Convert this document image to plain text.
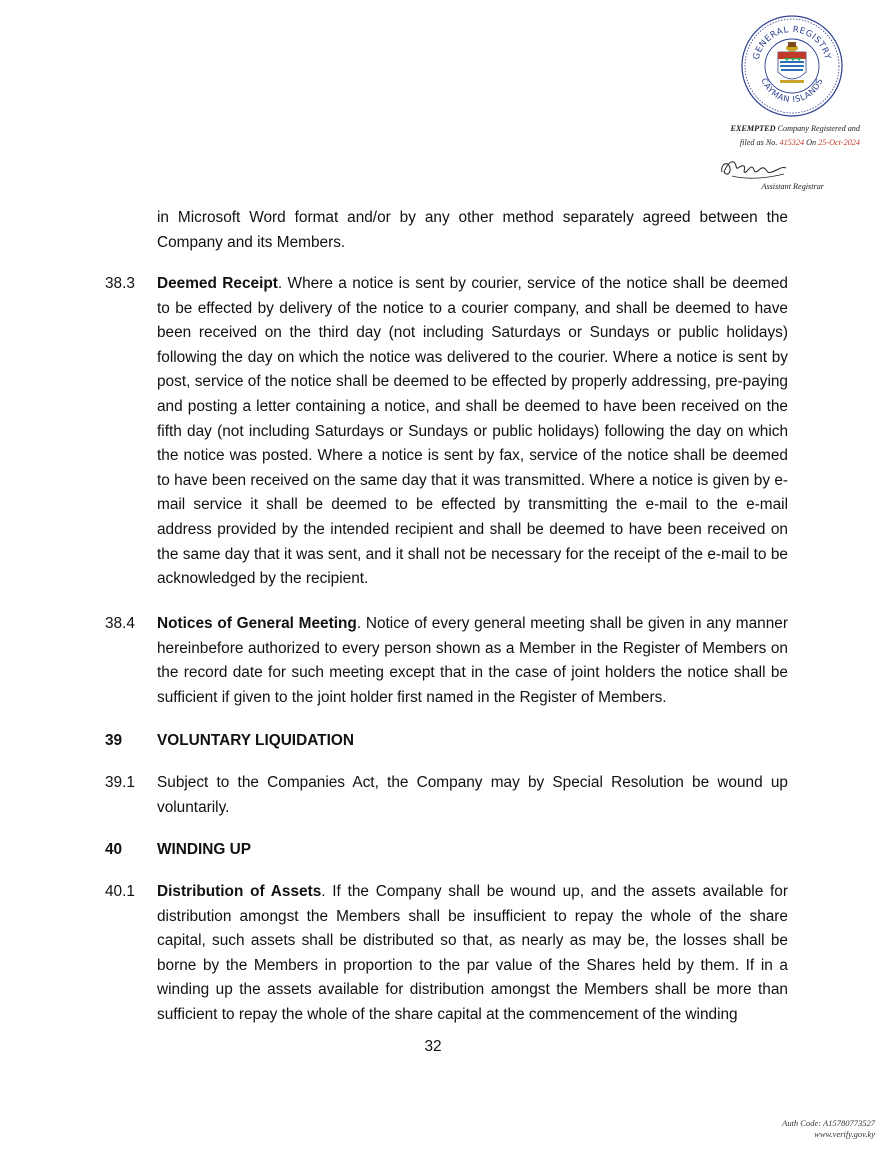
GENERAL REGISTRY
CAYMAN ISLANDS
EXEMPTED Company Registered and
filed as No. 415324 On 25-Oct-2024
Assistant Registrar
in Microsoft Word format and/or by any other method separately agreed between the Company and its Members.
38.3 Deemed Receipt. Where a notice is sent by courier, service of the notice shall be deemed to be effected by delivery of the notice to a courier company, and shall be deemed to have been received on the third day (not including Saturdays or Sundays or public holidays) following the day on which the notice was delivered to the courier. Where a notice is sent by post, service of the notice shall be deemed to be effected by properly addressing, pre-paying and posting a letter containing a notice, and shall be deemed to have been received on the fifth day (not including Saturdays or Sundays or public holidays) following the day on which the notice was posted. Where a notice is sent by fax, service of the notice shall be deemed to have been received on the same day that it was transmitted. Where a notice is given by e-mail service it shall be deemed to be effected by transmitting the e-mail to the e-mail address provided by the intended recipient and shall be deemed to have been received on the same day that it was sent, and it shall not be necessary for the receipt of the e-mail to be acknowledged by the recipient.
38.4 Notices of General Meeting. Notice of every general meeting shall be given in any manner hereinbefore authorized to every person shown as a Member in the Register of Members on the record date for such meeting except that in the case of joint holders the notice shall be sufficient if given to the joint holder first named in the Register of Members.
39 VOLUNTARY LIQUIDATION
39.1 Subject to the Companies Act, the Company may by Special Resolution be wound up voluntarily.
40 WINDING UP
40.1 Distribution of Assets. If the Company shall be wound up, and the assets available for distribution amongst the Members shall be insufficient to repay the whole of the share capital, such assets shall be distributed so that, as nearly as may be, the losses shall be borne by the Members in proportion to the par value of the Shares held by them. If in a winding up the assets available for distribution amongst the Members shall be more than sufficient to repay the whole of the share capital at the commencement of the winding
32
Auth Code: A15780773527
www.verify.gov.ky
